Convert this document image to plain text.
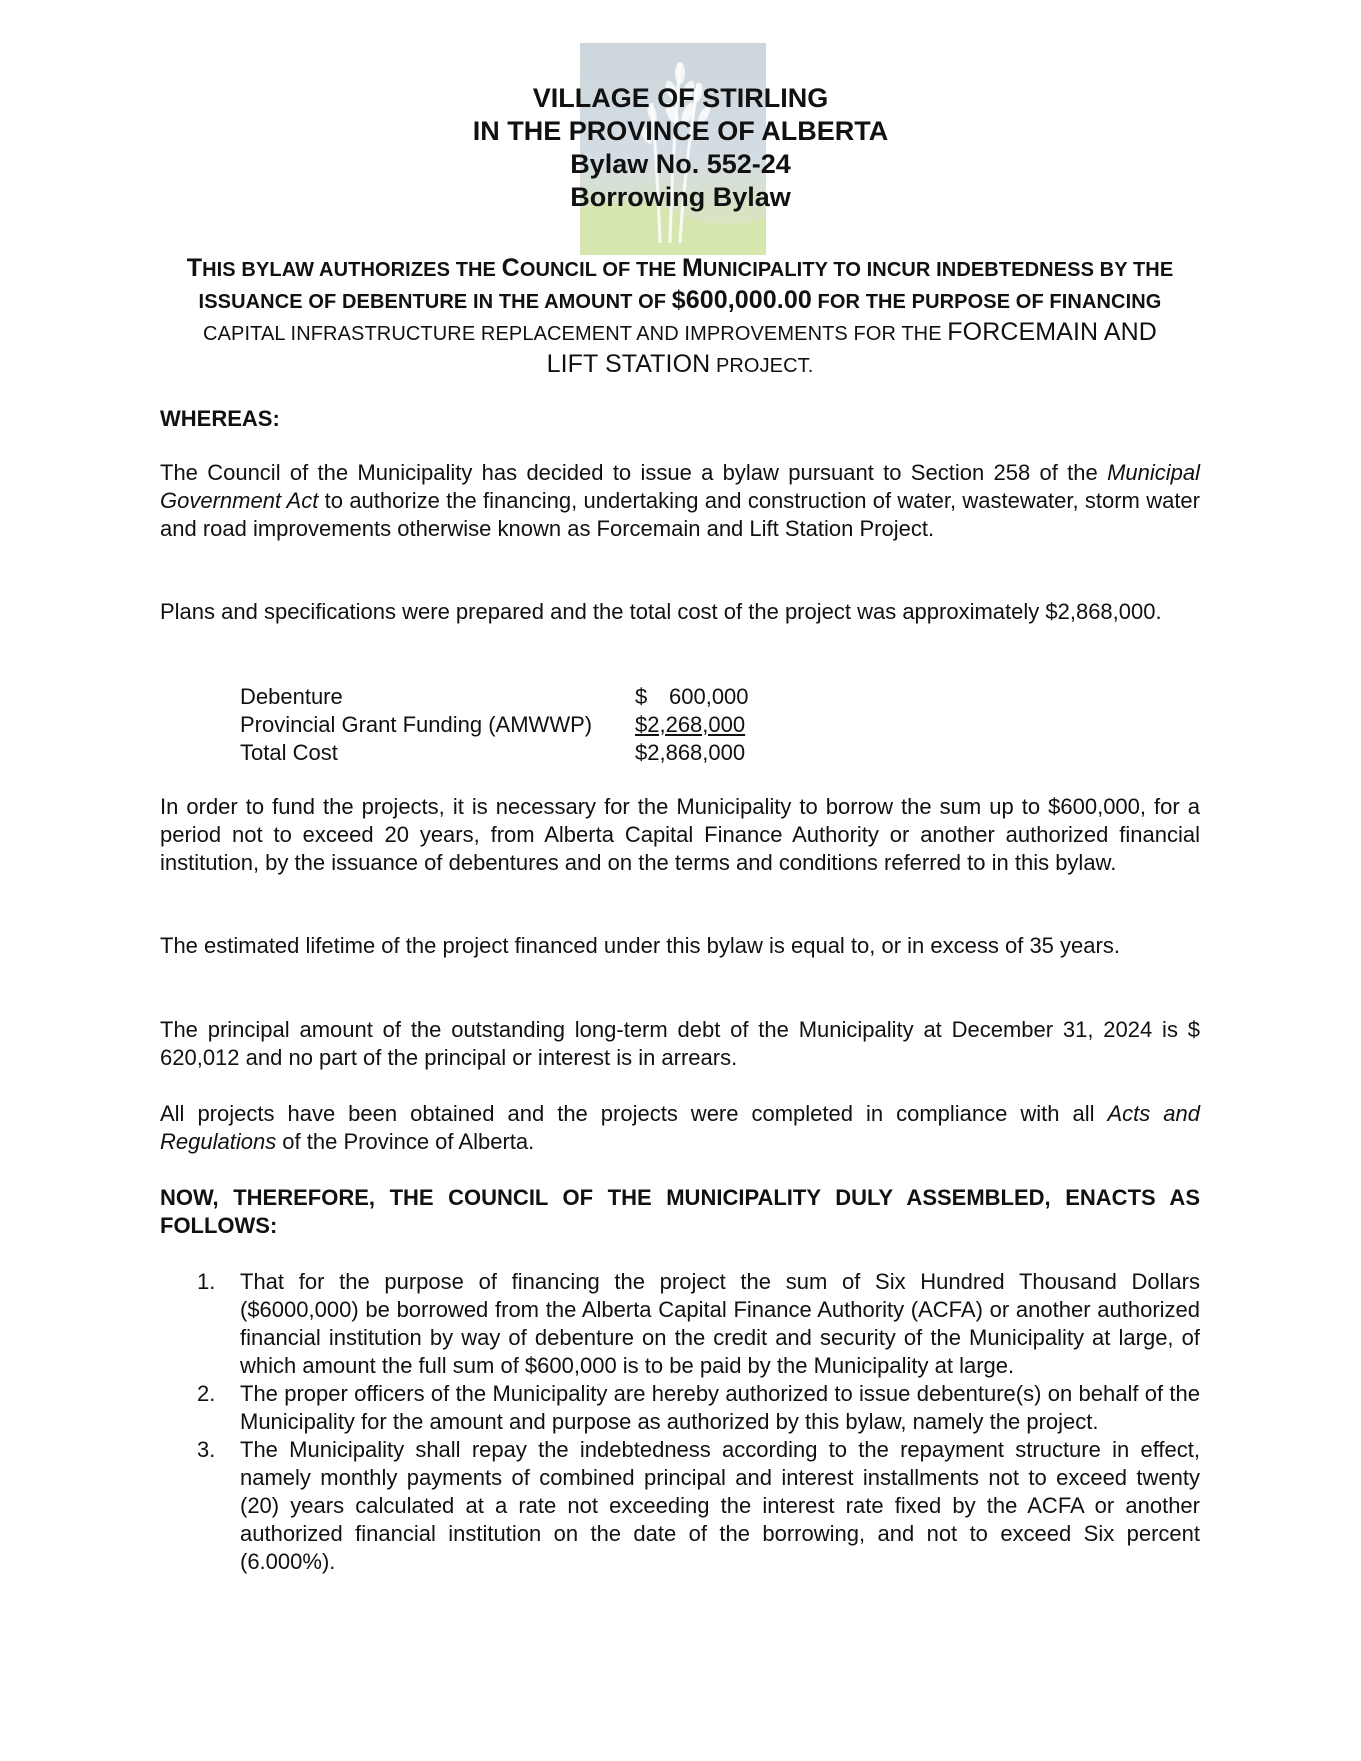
VILLAGE OF STIRLING
IN THE PROVINCE OF ALBERTA
Bylaw No. 552-24
Borrowing Bylaw
THIS BYLAW AUTHORIZES THE COUNCIL OF THE MUNICIPALITY TO INCUR INDEBTEDNESS BY THE
ISSUANCE OF DEBENTURE IN THE AMOUNT OF $600,000.00 FOR THE PURPOSE OF FINANCING
CAPITAL INFRASTRUCTURE REPLACEMENT AND IMPROVEMENTS FOR THE FORCEMAIN AND
LIFT STATION PROJECT.
WHEREAS:
The Council of the Municipality has decided to issue a bylaw pursuant to Section 258 of the Municipal Government Act to authorize the financing, undertaking and construction of water, wastewater, storm water and road improvements otherwise known as Forcemain and Lift Station Project.
Plans and specifications were prepared and the total cost of the project was approximately $2,868,000.
Debenture	$ 600,000
Provincial Grant Funding (AMWWP) $2,268,000
Total Cost	$2,868,000
In order to fund the projects, it is necessary for the Municipality to borrow the sum up to $600,000, for a period not to exceed 20 years, from Alberta Capital Finance Authority or another authorized financial institution, by the issuance of debentures and on the terms and conditions referred to in this bylaw.
The estimated lifetime of the project financed under this bylaw is equal to, or in excess of 35 years.
The principal amount of the outstanding long-term debt of the Municipality at December 31, 2024 is $ 620,012 and no part of the principal or interest is in arrears.
All projects have been obtained and the projects were completed in compliance with all Acts and Regulations of the Province of Alberta.
NOW, THEREFORE, THE COUNCIL OF THE MUNICIPALITY DULY ASSEMBLED, ENACTS AS FOLLOWS:
1. That for the purpose of financing the project the sum of Six Hundred Thousand Dollars ($6000,000) be borrowed from the Alberta Capital Finance Authority (ACFA) or another authorized financial institution by way of debenture on the credit and security of the Municipality at large, of which amount the full sum of $600,000 is to be paid by the Municipality at large.
2. The proper officers of the Municipality are hereby authorized to issue debenture(s) on behalf of the Municipality for the amount and purpose as authorized by this bylaw, namely the project.
3. The Municipality shall repay the indebtedness according to the repayment structure in effect, namely monthly payments of combined principal and interest installments not to exceed twenty (20) years calculated at a rate not exceeding the interest rate fixed by the ACFA or another authorized financial institution on the date of the borrowing, and not to exceed Six percent (6.000%).
